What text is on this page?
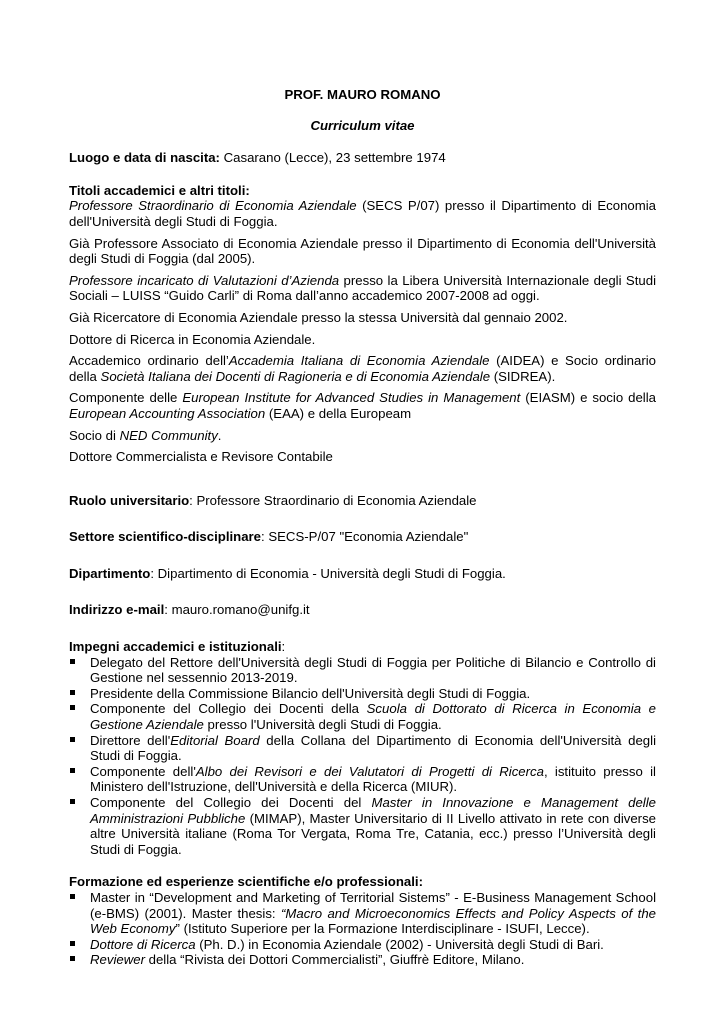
PROF. MAURO ROMANO

Curriculum vitae

Luogo e data di nascita: Casarano (Lecce), 23 settembre 1974

Titoli accademici e altri titoli:

Professore Straordinario di Economia Aziendale (SECS P/07) presso il Dipartimento di Economia dell'Università degli Studi di Foggia.

Già Professore Associato di Economia Aziendale presso il Dipartimento di Economia dell'Università degli Studi di Foggia (dal 2005).

Professore incaricato di Valutazioni d’Azienda presso la Libera Università Internazionale degli Studi Sociali – LUISS “Guido Carli” di Roma dall’anno accademico 2007-2008 ad oggi.

Già Ricercatore di Economia Aziendale presso la stessa Università dal gennaio 2002.

Dottore di Ricerca in Economia Aziendale.

Accademico ordinario dell’Accademia Italiana di Economia Aziendale (AIDEA) e Socio ordinario della Società Italiana dei Docenti di Ragioneria e di Economia Aziendale (SIDREA).

Componente delle European Institute for Advanced Studies in Management (EIASM) e socio della European Accounting Association (EAA) e della Europeam

Socio di NED Community.

Dottore Commercialista e Revisore Contabile

Ruolo universitario: Professore Straordinario di Economia Aziendale

Settore scientifico-disciplinare: SECS-P/07 "Economia Aziendale"

Dipartimento: Dipartimento di Economia - Università degli Studi di Foggia.

Indirizzo e-mail: mauro.romano@unifg.it

Impegni accademici e istituzionali:

Delegato del Rettore dell'Università degli Studi di Foggia per Politiche di Bilancio e Controllo di Gestione nel sessennio 2013-2019.
Presidente della Commissione Bilancio dell'Università degli Studi di Foggia.
Componente del Collegio dei Docenti della Scuola di Dottorato di Ricerca in Economia e Gestione Aziendale presso l'Università degli Studi di Foggia.
Direttore dell'Editorial Board della Collana del Dipartimento di Economia dell'Università degli Studi di Foggia.
Componente dell'Albo dei Revisori e dei Valutatori di Progetti di Ricerca, istituito presso il Ministero dell'Istruzione, dell'Università e della Ricerca (MIUR).
Componente del Collegio dei Docenti del Master in Innovazione e Management delle Amministrazioni Pubbliche (MIMAP), Master Universitario di II Livello attivato in rete con diverse altre Università italiane (Roma Tor Vergata, Roma Tre, Catania, ecc.) presso l’Università degli Studi di Foggia.

Formazione ed esperienze scientifiche e/o professionali:

Master in “Development and Marketing of Territorial Sistems” - E-Business Management School (e-BMS) (2001). Master thesis: “Macro and Microeconomics Effects and Policy Aspects of the Web Economy” (Istituto Superiore per la Formazione Interdisciplinare - ISUFI, Lecce).
Dottore di Ricerca (Ph. D.) in Economia Aziendale (2002) - Università degli Studi di Bari.
Reviewer della “Rivista dei Dottori Commercialisti”, Giuffrè Editore, Milano.
